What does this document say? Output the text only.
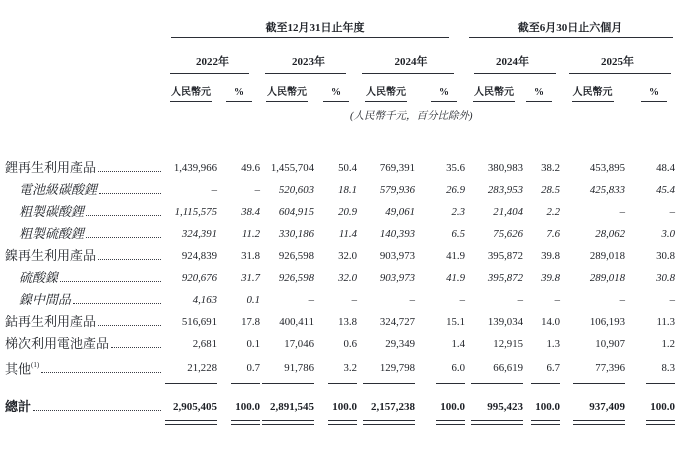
	截至12月31日止年度						截至6月30日止六個月			
	2022年		2023年		2024年		2024年		2025年	
	人民幣元	%	人民幣元	%	人民幣元	%	人民幣元	%	人民幣元	%
(人民幣千元，百分比除外)										

鋰再生利用產品	1,439,966	49.6	1,455,704	50.4	769,391	35.6	380,983	38.2	453,895	48.4

電池級碳酸鋰	–	–	520,603	18.1	579,936	26.9	283,953	28.5	425,833	45.4

粗製碳酸鋰	1,115,575	38.4	604,915	20.9	49,061	2.3	21,404	2.2	–	–

粗製硫酸鋰	324,391	11.2	330,186	11.4	140,393	6.5	75,626	7.6	28,062	3.0

鎳再生利用產品	924,839	31.8	926,598	32.0	903,973	41.9	395,872	39.8	289,018	30.8

硫酸鎳	920,676	31.7	926,598	32.0	903,973	41.9	395,872	39.8	289,018	30.8

鎳中間品	4,163	0.1	–	–	–	–	–	–	–	–

鈷再生利用產品	516,691	17.8	400,411	13.8	324,727	15.1	139,034	14.0	106,193	11.3

梯次利用電池產品	2,681	0.1	17,046	0.6	29,349	1.4	12,915	1.3	10,907	1.2

其他$^{(1)}$	21,228	0.7	91,786	3.2	129,798	6.0	66,619	6.7	77,396	8.3

總計	2,905,405	100.0	2,891,545	100.0	2,157,238	100.0	995,423	100.0	937,409	100.0
